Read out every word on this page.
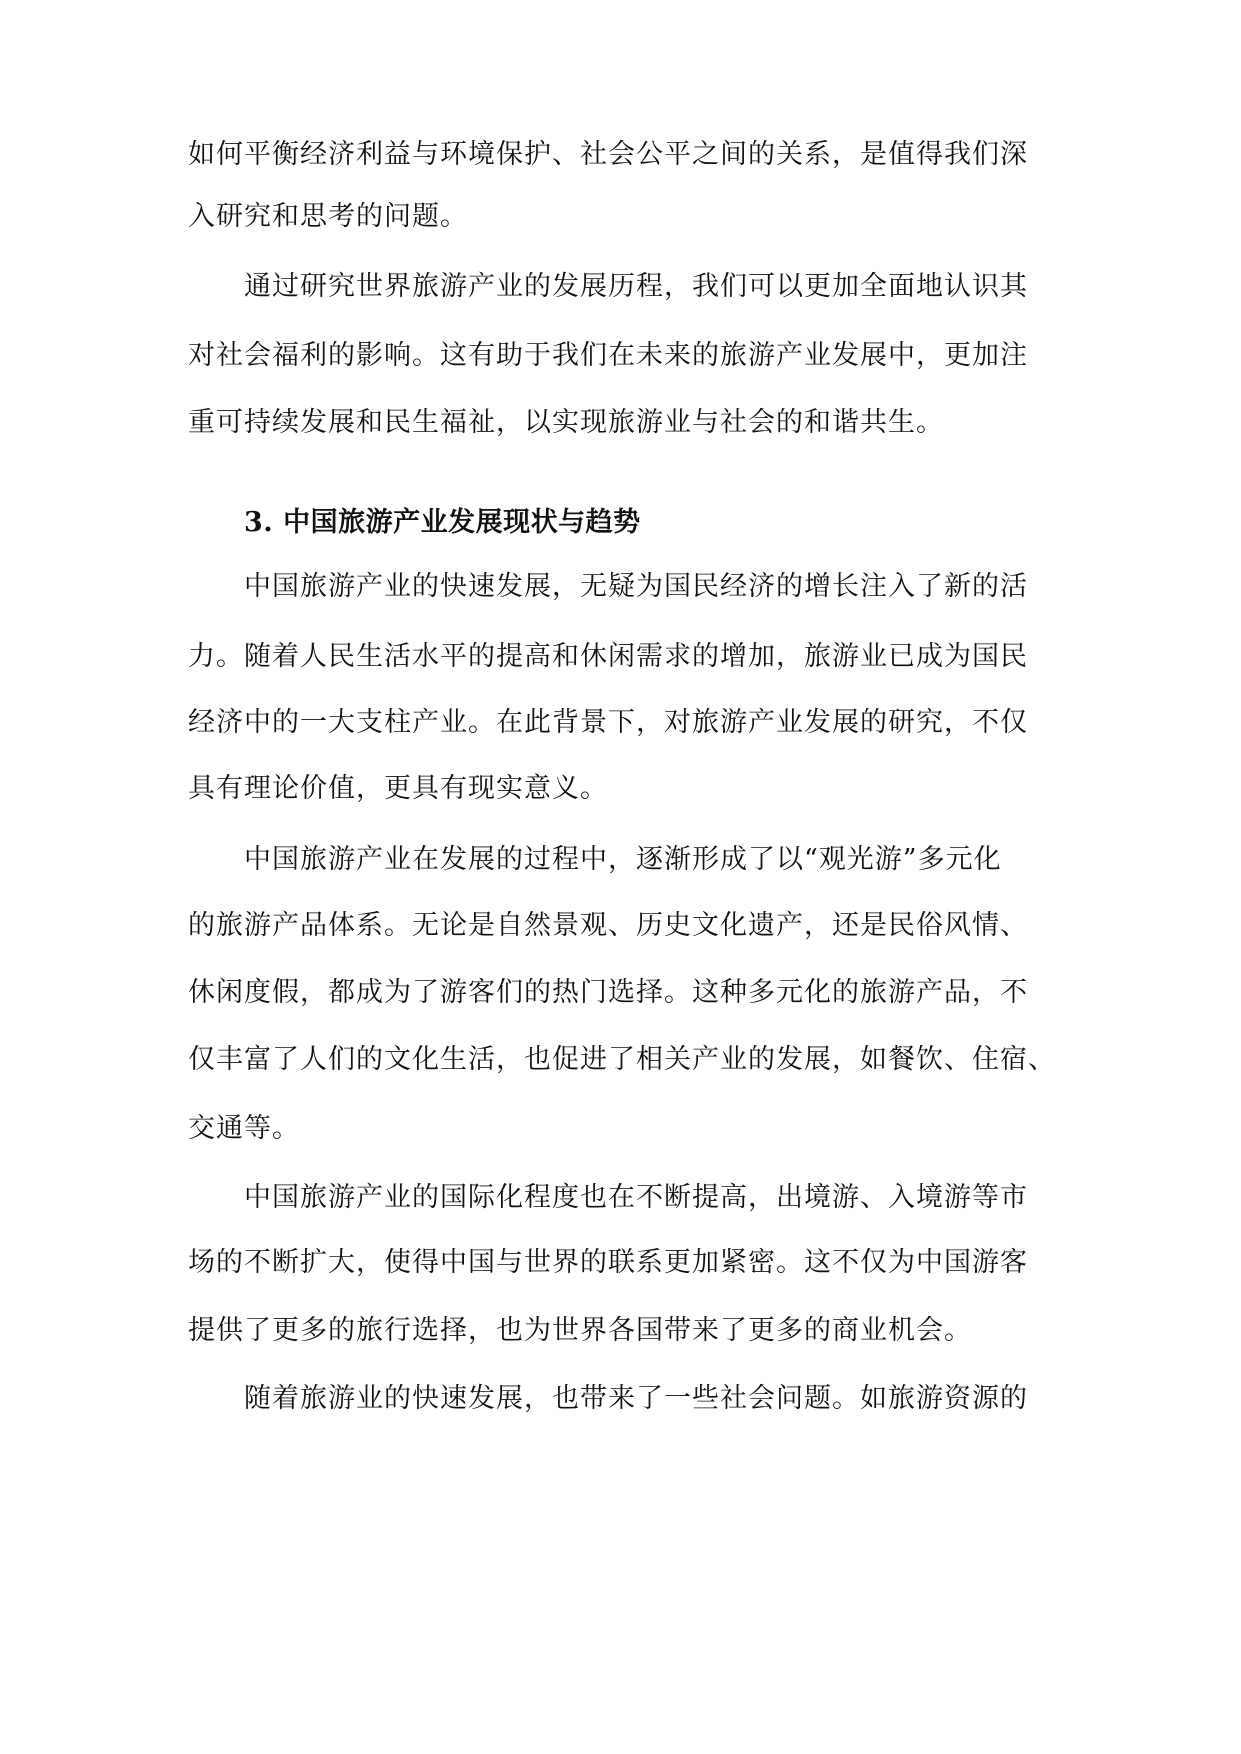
如何平衡经济利益与环境保护、社会公平之间的关系，是值得我们深
入研究和思考的问题。
通过研究世界旅游产业的发展历程，我们可以更加全面地认识其
对社会福利的影响。这有助于我们在未来的旅游产业发展中，更加注
重可持续发展和民生福祉，以实现旅游业与社会的和谐共生。
3. 中国旅游产业发展现状与趋势
中国旅游产业的快速发展，无疑为国民经济的增长注入了新的活
力。随着人民生活水平的提高和休闲需求的增加，旅游业已成为国民
经济中的一大支柱产业。在此背景下，对旅游产业发展的研究，不仅
具有理论价值，更具有现实意义。
中国旅游产业在发展的过程中，逐渐形成了以“观光游”多元化
的旅游产品体系。无论是自然景观、历史文化遗产，还是民俗风情、
休闲度假，都成为了游客们的热门选择。这种多元化的旅游产品，不
仅丰富了人们的文化生活，也促进了相关产业的发展，如餐饮、住宿、
交通等。
中国旅游产业的国际化程度也在不断提高，出境游、入境游等市
场的不断扩大，使得中国与世界的联系更加紧密。这不仅为中国游客
提供了更多的旅行选择，也为世界各国带来了更多的商业机会。
随着旅游业的快速发展，也带来了一些社会问题。如旅游资源的
